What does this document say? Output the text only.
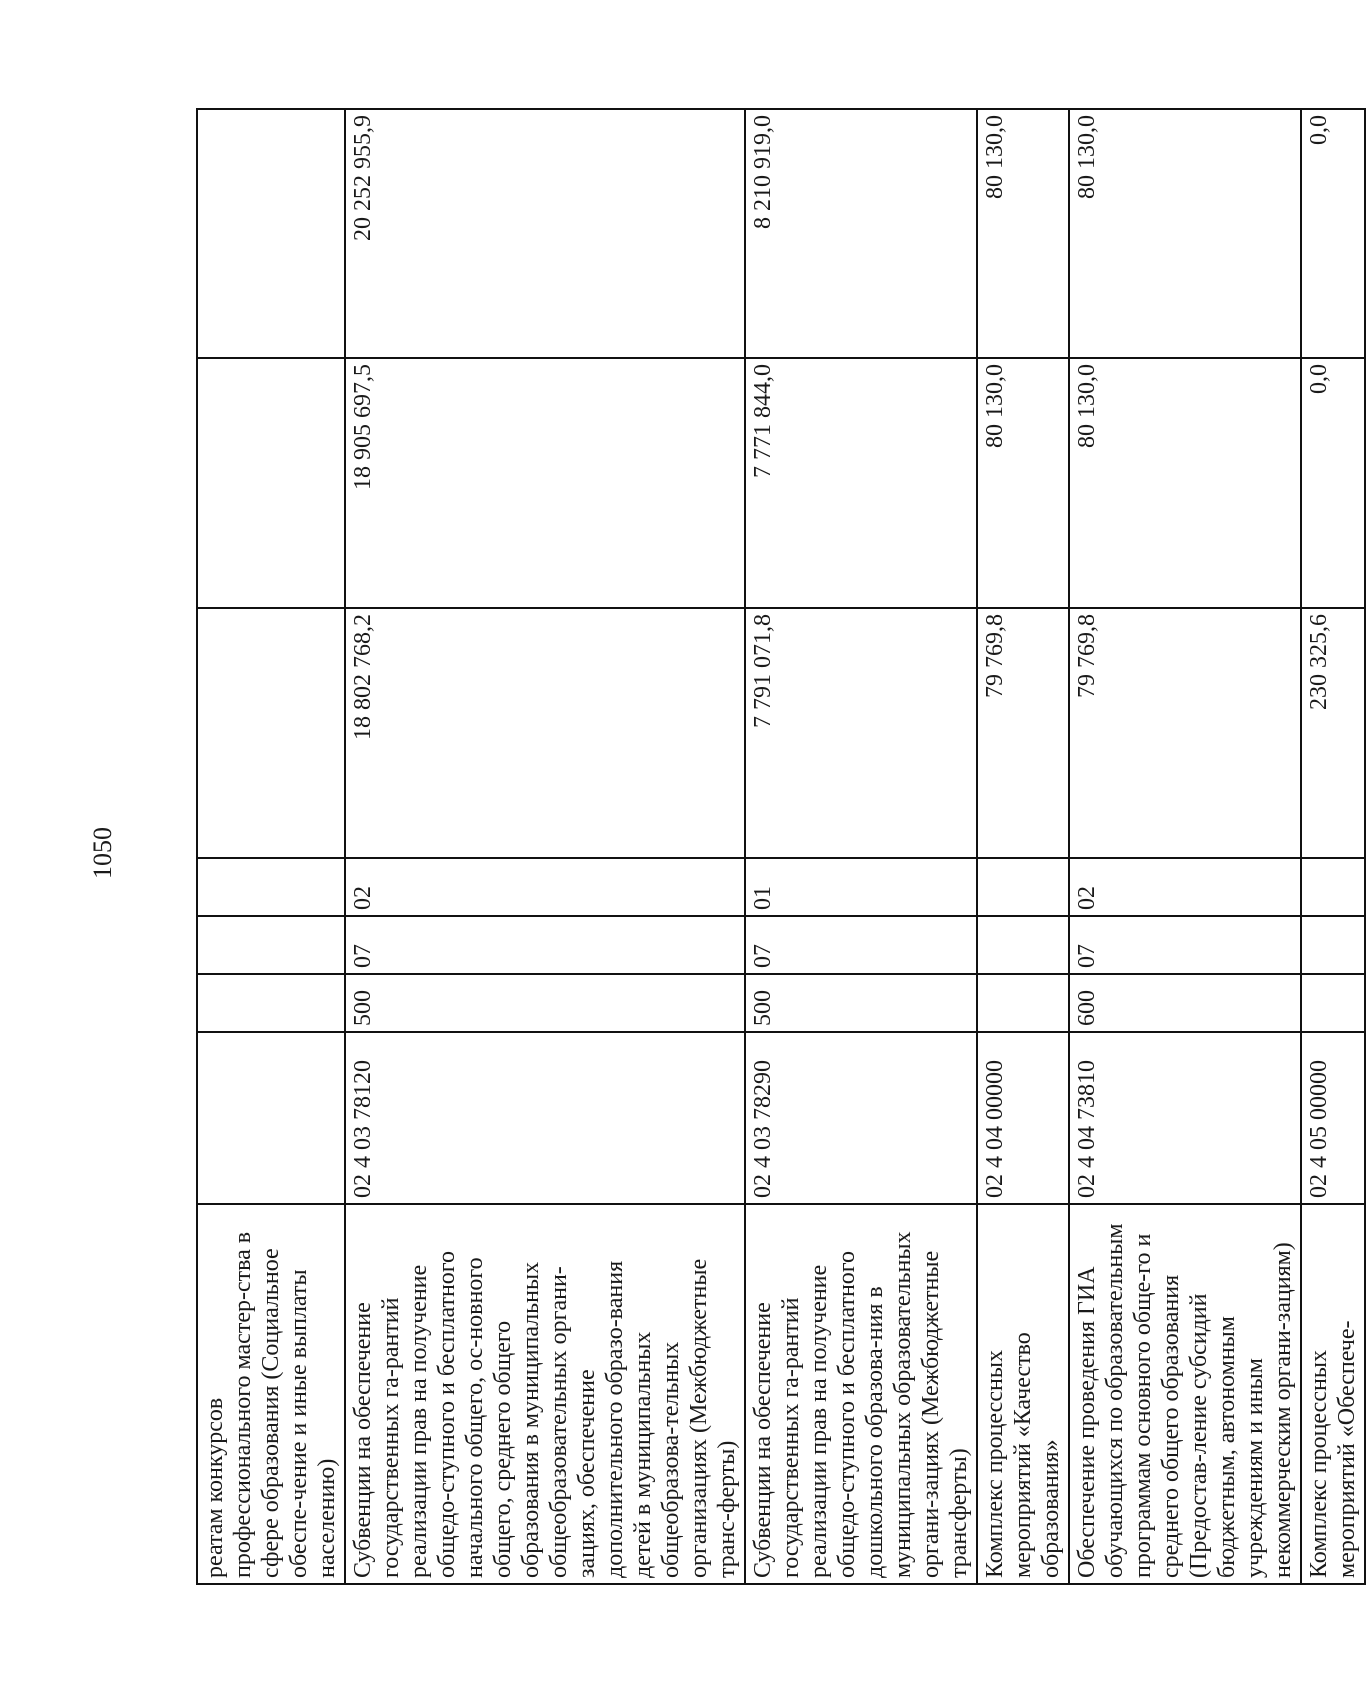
1050
реатам конкурсов профессионального мастер-ства в сфере образования (Социальное обеспе-чение и иные выплаты населению)							
Субвенции на обеспечение государственных га-рантий реализации прав на получение общедо-ступного и бесплатного начального общего, ос-новного общего, среднего общего образования в муниципальных общеобразовательных органи-зациях, обеспечение дополнительного образо-вания детей в муниципальных общеобразова-тельных организациях (Межбюджетные транс-ферты)	02 4 03 78120	500	07	02	18 802 768,2	18 905 697,5	20 252 955,9
Субвенции на обеспечение государственных га-рантий реализации прав на получение общедо-ступного и бесплатного дошкольного образова-ния в муниципальных образовательных органи-зациях (Межбюджетные трансферты)	02 4 03 78290	500	07	01	7 791 071,8	7 771 844,0	8 210 919,0
Комплекс процессных мероприятий «Качество образования»	02 4 04 00000				79 769,8	80 130,0	80 130,0
Обеспечение проведения ГИА обучающихся по образовательным программам основного обще-го и среднего общего образования (Предостав-ление субсидий бюджетным, автономным учреждениям и иным некоммерческим органи-зациям)	02 4 04 73810	600	07	02	79 769,8	80 130,0	80 130,0
Комплекс процессных мероприятий «Обеспече-	02 4 05 00000				230 325,6	0,0	0,0
